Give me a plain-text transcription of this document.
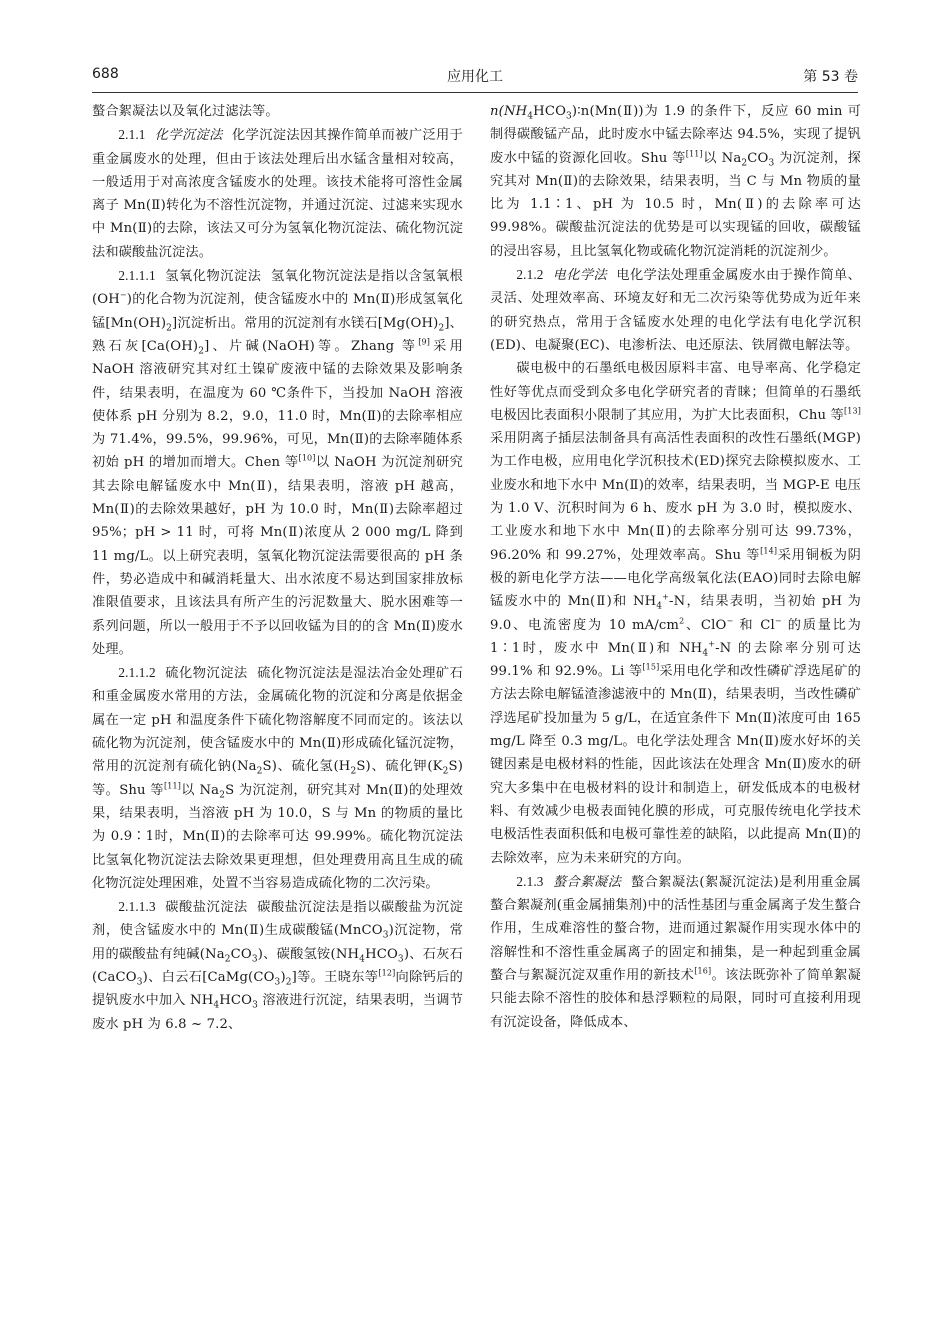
688	应用化工	第 53 卷

螯合絮凝法以及氧化过滤法等。

2.1.1 化学沉淀法 化学沉淀法因其操作简单而被广泛用于重金属废水的处理，但由于该法处理后出水锰含量相对较高，一般适用于对高浓度含锰废水的处理。该技术能将可溶性金属离子 Mn(Ⅱ)转化为不溶性沉淀物，并通过沉淀、过滤来实现水中 Mn(Ⅱ)的去除，该法又可分为氢氧化物沉淀法、硫化物沉淀法和碳酸盐沉淀法。

2.1.1.1 氢氧化物沉淀法 氢氧化物沉淀法是指以含氢氧根(OH−)的化合物为沉淀剂，使含锰废水中的 Mn(Ⅱ)形成氢氧化锰$[Mn(OH)_2]$沉淀析出。常用的沉淀剂有水镁石$[Mg(OH)_2]$、熟石灰$[Ca(OH)_2]$、片碱(NaOH)等。Zhang 等[9]采用 NaOH 溶液研究其对红土镍矿废液中锰的去除效果及影响条件，结果表明，在温度为 60 ℃条件下，当投加 NaOH 溶液使体系 pH 分别为 8.2，9.0，11.0 时，Mn(Ⅱ)的去除率相应为 71.4%，99.5%，99.96%，可见，Mn(Ⅱ)的去除率随体系初始 pH 的增加而增大。Chen 等[10]以 NaOH 为沉淀剂研究其去除电解锰废水中 Mn(Ⅱ)，结果表明，溶液 pH 越高，Mn(Ⅱ)的去除效果越好，pH 为 10.0 时，Mn(Ⅱ)去除率超过 95%；pH > 11 时，可将 Mn(Ⅱ)浓度从 2 000 mg/L 降到 11 mg/L。以上研究表明，氢氧化物沉淀法需要很高的 pH 条件，势必造成中和碱消耗量大、出水浓度不易达到国家排放标准限值要求，且该法具有所产生的污泥数量大、脱水困难等一系列问题，所以一般用于不予以回收锰为目的的含 Mn(Ⅱ)废水处理。

2.1.1.2 硫化物沉淀法 硫化物沉淀法是湿法冶金处理矿石和重金属废水常用的方法，金属硫化物的沉淀和分离是依据金属在一定 pH 和温度条件下硫化物溶解度不同而定的。该法以硫化物为沉淀剂，使含锰废水中的 Mn(Ⅱ)形成硫化锰沉淀物，常用的沉淀剂有硫化钠$(Na_2S)$、硫化氢$(H_2S)$、硫化钾$(K_2S)$等。Shu 等[11]以 $Na_2S$ 为沉淀剂，研究其对 Mn(Ⅱ)的处理效果，结果表明，当溶液 pH 为 10.0，S 与 Mn 的物质的量比为 0.9∶1时，Mn(Ⅱ)的去除率可达 99.99%。硫化物沉淀法比氢氧化物沉淀法去除效果更理想，但处理费用高且生成的硫化物沉淀处理困难，处置不当容易造成硫化物的二次污染。

2.1.1.3 碳酸盐沉淀法 碳酸盐沉淀法是指以碳酸盐为沉淀剂，使含锰废水中的 Mn(Ⅱ)生成碳酸锰(MnCO$_3$)沉淀物，常用的碳酸盐有纯碱$(Na_2CO_3)$、碳酸氢铵$(NH_4HCO_3)$、石灰石(CaCO$_3$)、白云石$[CaMg(CO_3)_2]$等。王晓东等[12]向除钙后的提钒废水中加入 $NH_4HCO_3$ 溶液进行沉淀，结果表明，当调节废水 pH 为 6.8 ~ 7.2、

$n(NH_4HCO_3)∶n(Mn(Ⅱ))$为 1.9 的条件下，反应 60 min 可制得碳酸锰产品，此时废水中锰去除率达 94.5%，实现了提钒废水中锰的资源化回收。Shu 等[11]以 $Na_2CO_3$ 为沉淀剂，探究其对 Mn(Ⅱ)的去除效果，结果表明，当 C 与 Mn 物质的量比为 1.1∶1、pH 为 10.5 时，Mn(Ⅱ)的去除率可达 99.98%。碳酸盐沉淀法的优势是可以实现锰的回收，碳酸锰的浸出容易，且比氢氧化物或硫化物沉淀消耗的沉淀剂少。

2.1.2 电化学法 电化学法处理重金属废水由于操作简单、灵活、处理效率高、环境友好和无二次污染等优势成为近年来的研究热点，常用于含锰废水处理的电化学法有电化学沉积(ED)、电凝聚(EC)、电渗析法、电还原法、铁屑微电解法等。

碳电极中的石墨纸电极因原料丰富、电导率高、化学稳定性好等优点而受到众多电化学研究者的青睐；但简单的石墨纸电极因比表面积小限制了其应用，为扩大比表面积，Chu 等[13]采用阴离子插层法制备具有高活性表面积的改性石墨纸(MGP)为工作电极，应用电化学沉积技术(ED)探究去除模拟废水、工业废水和地下水中 Mn(Ⅱ)的效率，结果表明，当 MGP-E 电压为 1.0 V、沉积时间为 6 h、废水 pH 为 3.0 时，模拟废水、工业废水和地下水中 Mn(Ⅱ)的去除率分别可达 99.73%，96.20% 和 99.27%，处理效率高。Shu 等[14]采用铜板为阴极的新电化学方法——电化学高级氧化法(EAO)同时去除电解锰废水中的 Mn(Ⅱ)和 $NH_4^+-N$，结果表明，当初始 pH 为 9.0、电流密度为 10 $mA/cm^2$、ClO− 和 Cl− 的质量比为 1∶1时，废水中 Mn(Ⅱ)和 $NH_4^+-N$ 的去除率分别可达 99.1% 和 92.9%。Li 等[15]采用电化学和改性磷矿浮选尾矿的方法去除电解锰渣渗滤液中的 Mn(Ⅱ)，结果表明，当改性磷矿浮选尾矿投加量为 5 g/L，在适宜条件下 Mn(Ⅱ)浓度可由 165 mg/L 降至 0.3 mg/L。电化学法处理含 Mn(Ⅱ)废水好坏的关键因素是电极材料的性能，因此该法在处理含 Mn(Ⅱ)废水的研究大多集中在电极材料的设计和制造上，研发低成本的电极材料、有效减少电极表面钝化膜的形成，可克服传统电化学技术电极活性表面积低和电极可靠性差的缺陷，以此提高 Mn(Ⅱ)的去除效率，应为未来研究的方向。

2.1.3 螯合絮凝法 螯合絮凝法(絮凝沉淀法)是利用重金属螯合絮凝剂(重金属捕集剂)中的活性基团与重金属离子发生螯合作用，生成难溶性的螯合物，进而通过絮凝作用实现水体中的溶解性和不溶性重金属离子的固定和捕集，是一种起到重金属螯合与絮凝沉淀双重作用的新技术[16]。该法既弥补了简单絮凝只能去除不溶性的胶体和悬浮颗粒的局限，同时可直接利用现有沉淀设备，降低成本、
